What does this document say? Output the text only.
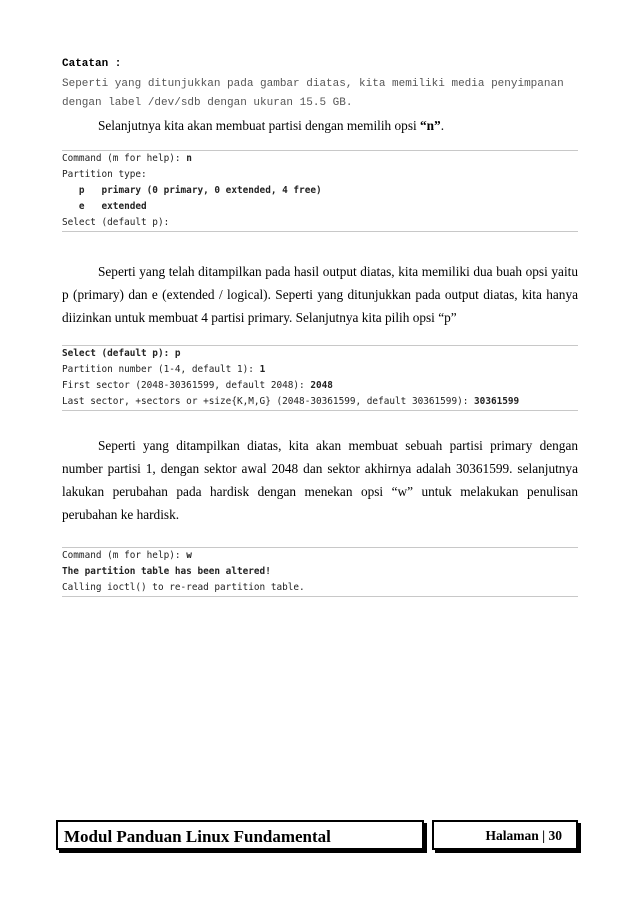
Catatan :
Seperti yang ditunjukkan pada gambar diatas, kita memiliki media penyimpanan
dengan label /dev/sdb dengan ukuran 15.5 GB.
Selanjutnya kita akan membuat partisi dengan memilih opsi “n”.
Command (m for help): n
Partition type:
p   primary (0 primary, 0 extended, 4 free)
e   extended
Select (default p):
Seperti yang telah ditampilkan pada hasil output diatas, kita memiliki dua buah opsi yaitu p (primary) dan e (extended / logical). Seperti yang ditunjukkan pada output diatas, kita hanya diizinkan untuk membuat 4 partisi primary. Selanjutnya kita pilih opsi “p”
Select (default p): p
Partition number (1-4, default 1): 1
First sector (2048-30361599, default 2048): 2048
Last sector, +sectors or +size{K,M,G} (2048-30361599, default 30361599): 30361599
Seperti yang ditampilkan diatas, kita akan membuat sebuah partisi primary dengan number partisi 1, dengan sektor awal 2048 dan sektor akhirnya adalah 30361599. selanjutnya lakukan perubahan pada hardisk dengan menekan opsi “w” untuk melakukan penulisan perubahan ke hardisk.
Command (m for help): w
The partition table has been altered!
Calling ioctl() to re-read partition table.
Modul Panduan Linux Fundamental	Halaman | 30
